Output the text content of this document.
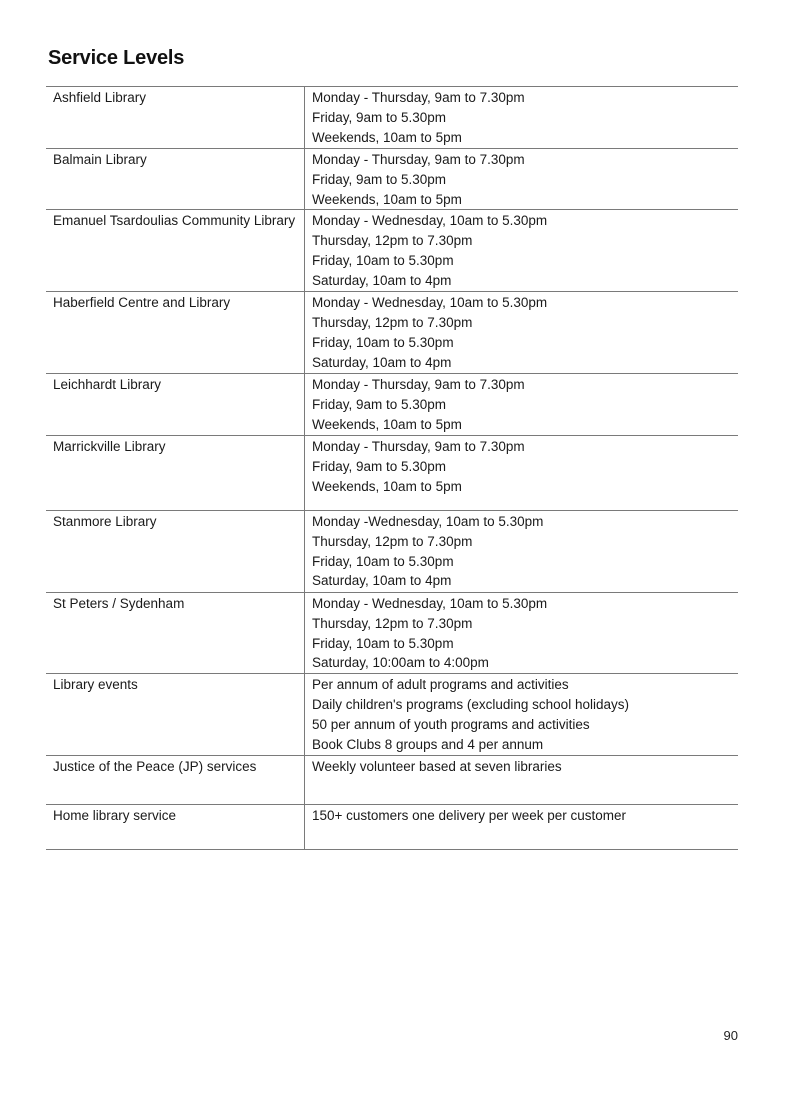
Service Levels
Ashfield Library	Monday - Thursday, 9am to 7.30pm
Friday, 9am to 5.30pm
Weekends, 10am to 5pm

Balmain Library	Monday - Thursday, 9am to 7.30pm
Friday, 9am to 5.30pm
Weekends, 10am to 5pm

Emanuel Tsardoulias Community Library	Monday - Wednesday, 10am to 5.30pm
Thursday, 12pm to 7.30pm
Friday, 10am to 5.30pm
Saturday, 10am to 4pm

Haberfield Centre and Library	Monday - Wednesday, 10am to 5.30pm
Thursday, 12pm to 7.30pm
Friday, 10am to 5.30pm
Saturday, 10am to 4pm

Leichhardt Library	Monday - Thursday, 9am to 7.30pm
Friday, 9am to 5.30pm
Weekends, 10am to 5pm

Marrickville Library	Monday - Thursday, 9am to 7.30pm
Friday, 9am to 5.30pm
Weekends, 10am to 5pm

Stanmore Library	Monday -Wednesday, 10am to 5.30pm
Thursday, 12pm to 7.30pm
Friday, 10am to 5.30pm
Saturday, 10am to 4pm

St Peters / Sydenham	Monday - Wednesday, 10am to 5.30pm
Thursday, 12pm to 7.30pm
Friday, 10am to 5.30pm
Saturday, 10:00am to 4:00pm

Library events	Per annum of adult programs and activities
Daily children's programs (excluding school holidays)
50 per annum of youth programs and activities
Book Clubs 8 groups and 4 per annum

Justice of the Peace (JP) services	Weekly volunteer based at seven libraries

Home library service	150+ customers one delivery per week per customer
90
